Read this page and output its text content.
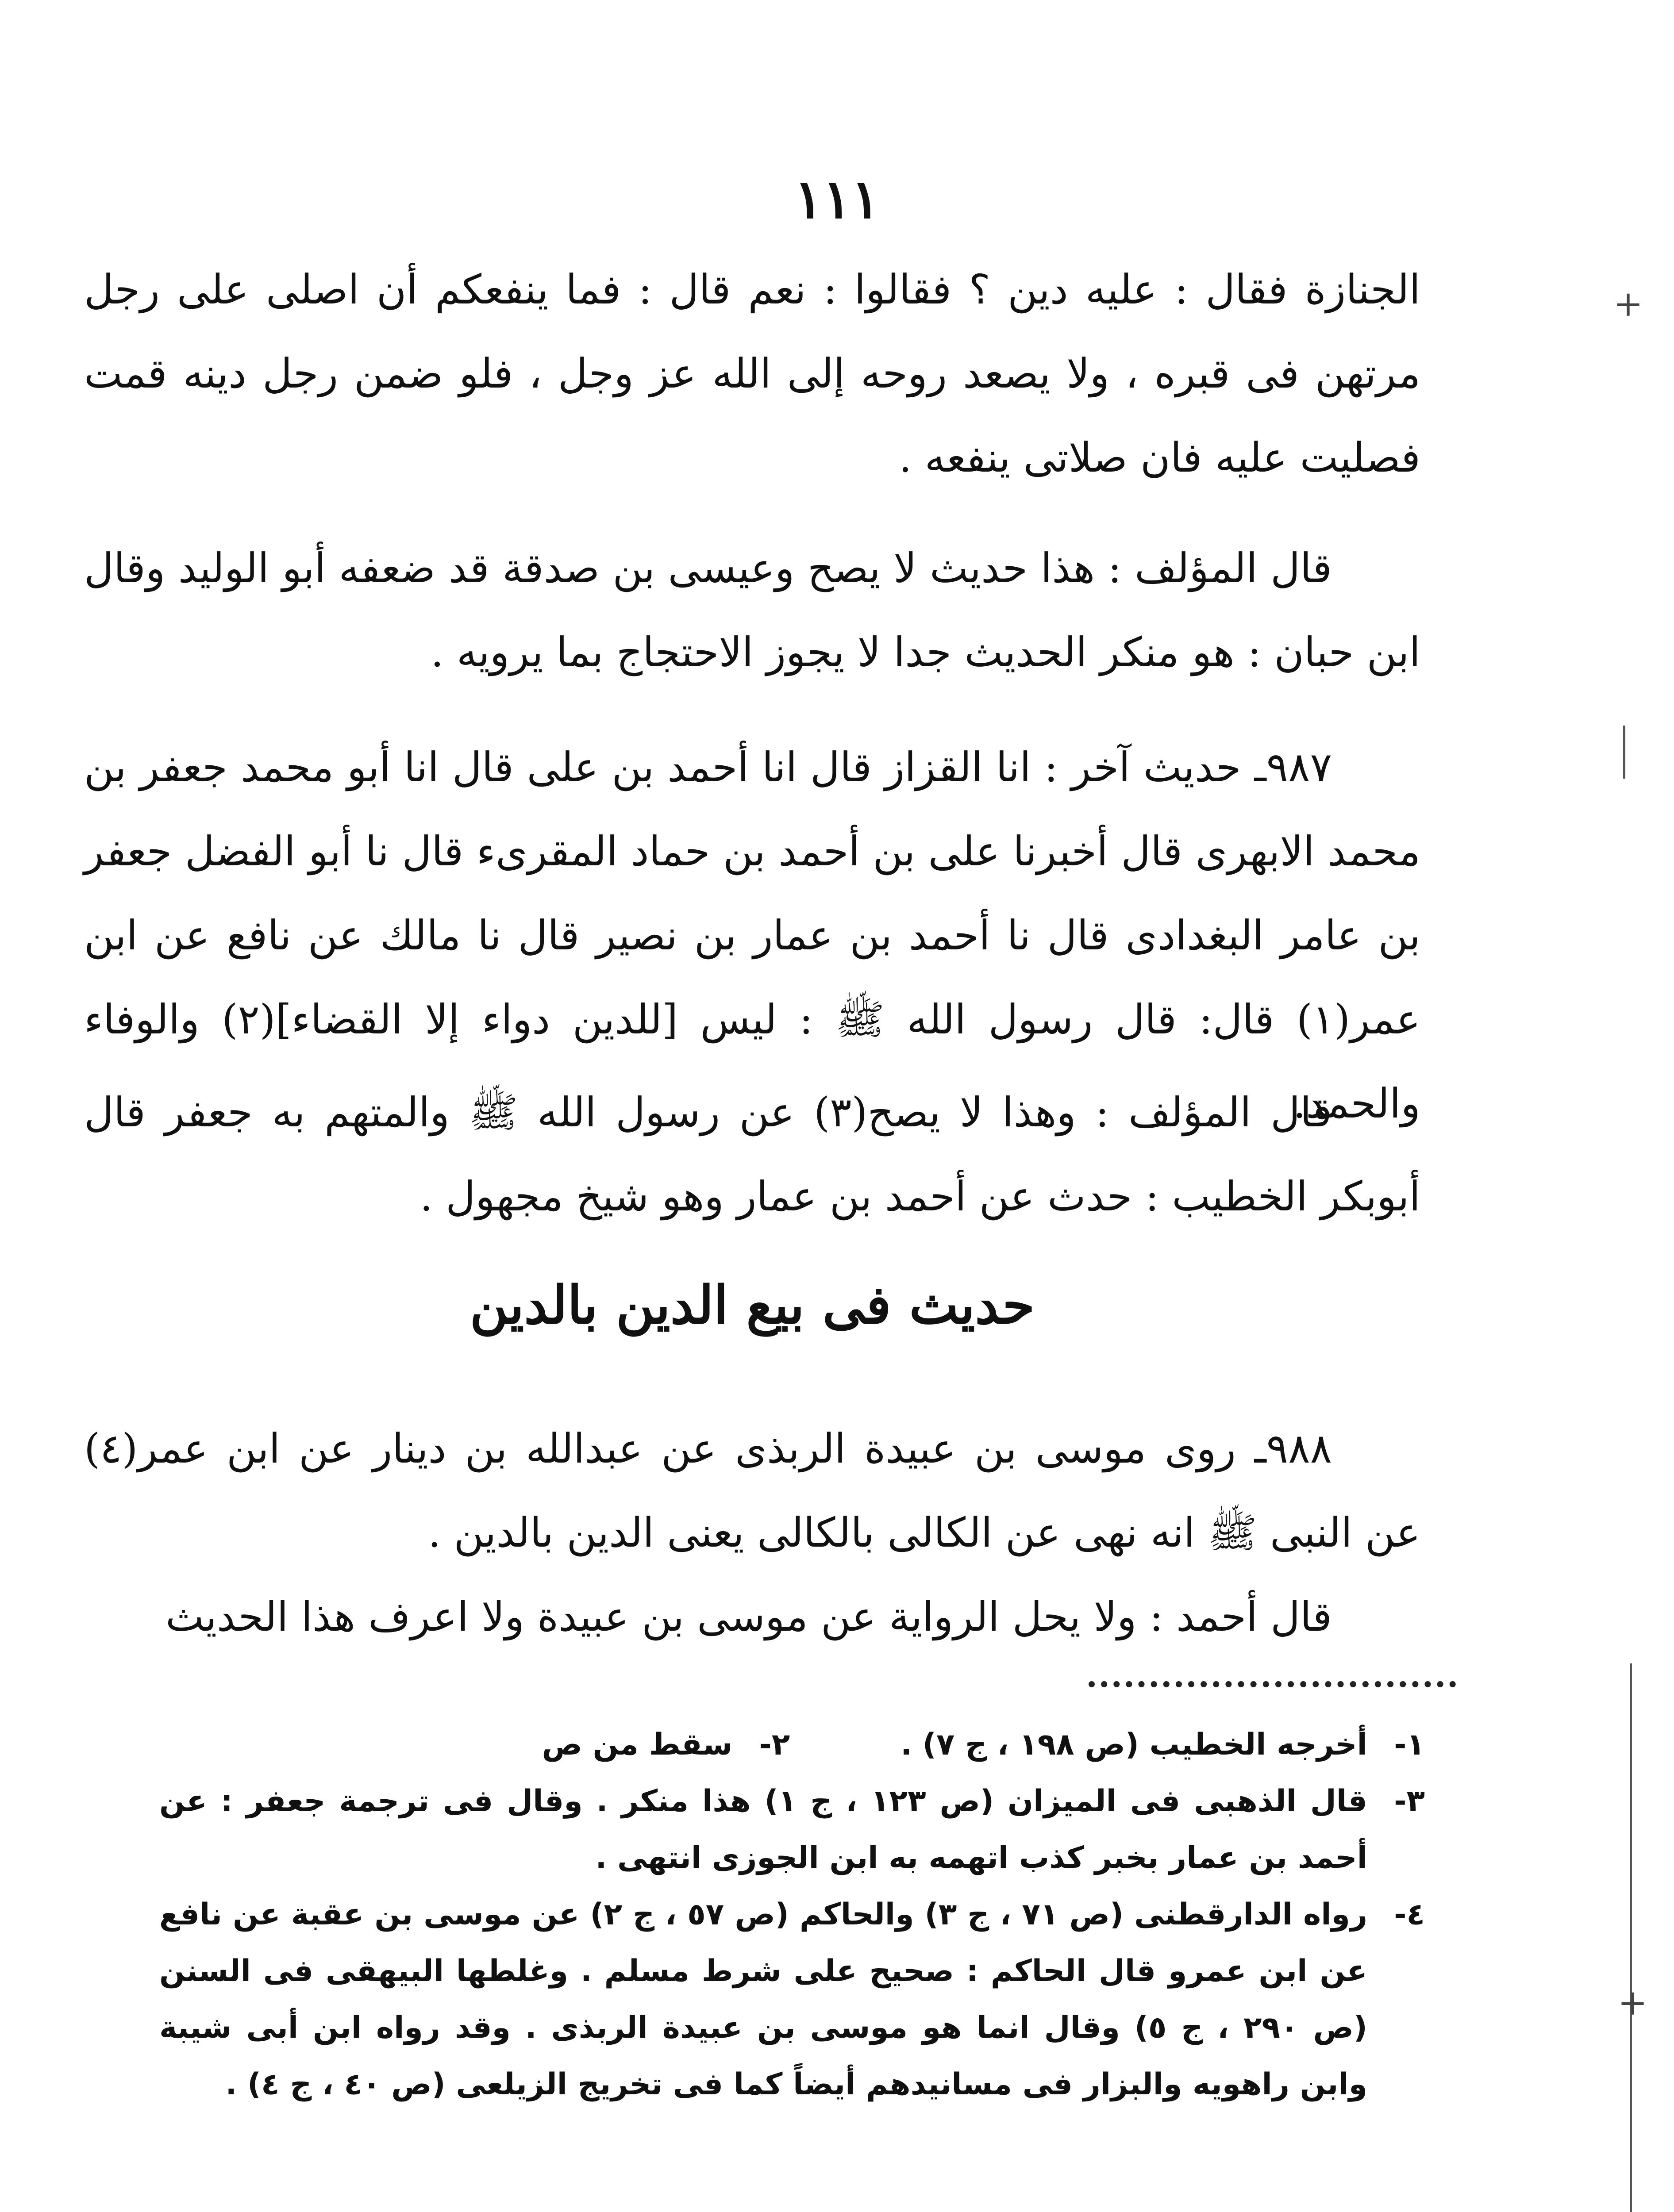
١١١

الجنازة فقال : عليه دين ؟ فقالوا : نعم قال : فما ينفعكم أن اصلى على رجل مرتهن فى قبره ، ولا يصعد روحه إلى الله عز وجل ، فلو ضمن رجل دينه قمت فصليت عليه فان صلاتى ينفعه .

قال المؤلف : هذا حديث لا يصح وعيسى بن صدقة قد ضعفه أبو الوليد وقال ابن حبان : هو منكر الحديث جدا لا يجوز الاحتجاج بما يرويه .

٩٨٧ـ حديث آخر : انا القزاز قال انا أحمد بن على قال انا أبو محمد جعفر بن محمد الابهرى قال أخبرنا على بن أحمد بن حماد المقرىء قال نا أبو الفضل جعفر بن عامر البغدادى قال نا أحمد بن عمار بن نصير قال نا مالك عن نافع عن ابن عمر(١) قال: قال رسول الله ﷺ : ليس [للدين دواء إلا القضاء](٢) والوفاء والحمد.

قال المؤلف : وهذا لا يصح(٣) عن رسول الله ﷺ والمتهم به جعفر قال أبوبكر الخطيب : حدث عن أحمد بن عمار وهو شيخ مجهول .

حديث فى بيع الدين بالدين

٩٨٨ـ روى موسى بن عبيدة الربذى عن عبدالله بن دينار عن ابن عمر(٤) عن النبى ﷺ انه نهى عن الكالى بالكالى يعنى الدين بالدين .

قال أحمد : ولا يحل الرواية عن موسى بن عبيدة ولا اعرف هذا الحديث

١-
أخرجه الخطيب (ص ١٩٨ ، ج ٧) .
٢-
سقط من ص
٣-
قال الذهبى فى الميزان (ص ١٢٣ ، ج ١) هذا منكر . وقال فى ترجمة جعفر : عن أحمد بن عمار بخبر كذب اتهمه به ابن الجوزى انتهى .
٤-
رواه الدارقطنى (ص ٧١ ، ج ٣) والحاكم (ص ٥٧ ، ج ٢) عن موسى بن عقبة عن نافع عن ابن عمرو قال الحاكم : صحيح على شرط مسلم . وغلطها البيهقى فى السنن (ص ٢٩٠ ، ج ٥) وقال انما هو موسى بن عبيدة الربذى . وقد رواه ابن أبى شيبة وابن راهويه والبزار فى مسانيدهم أيضاً كما فى تخريج الزيلعى (ص ٤٠ ، ج ٤) .
+
+
